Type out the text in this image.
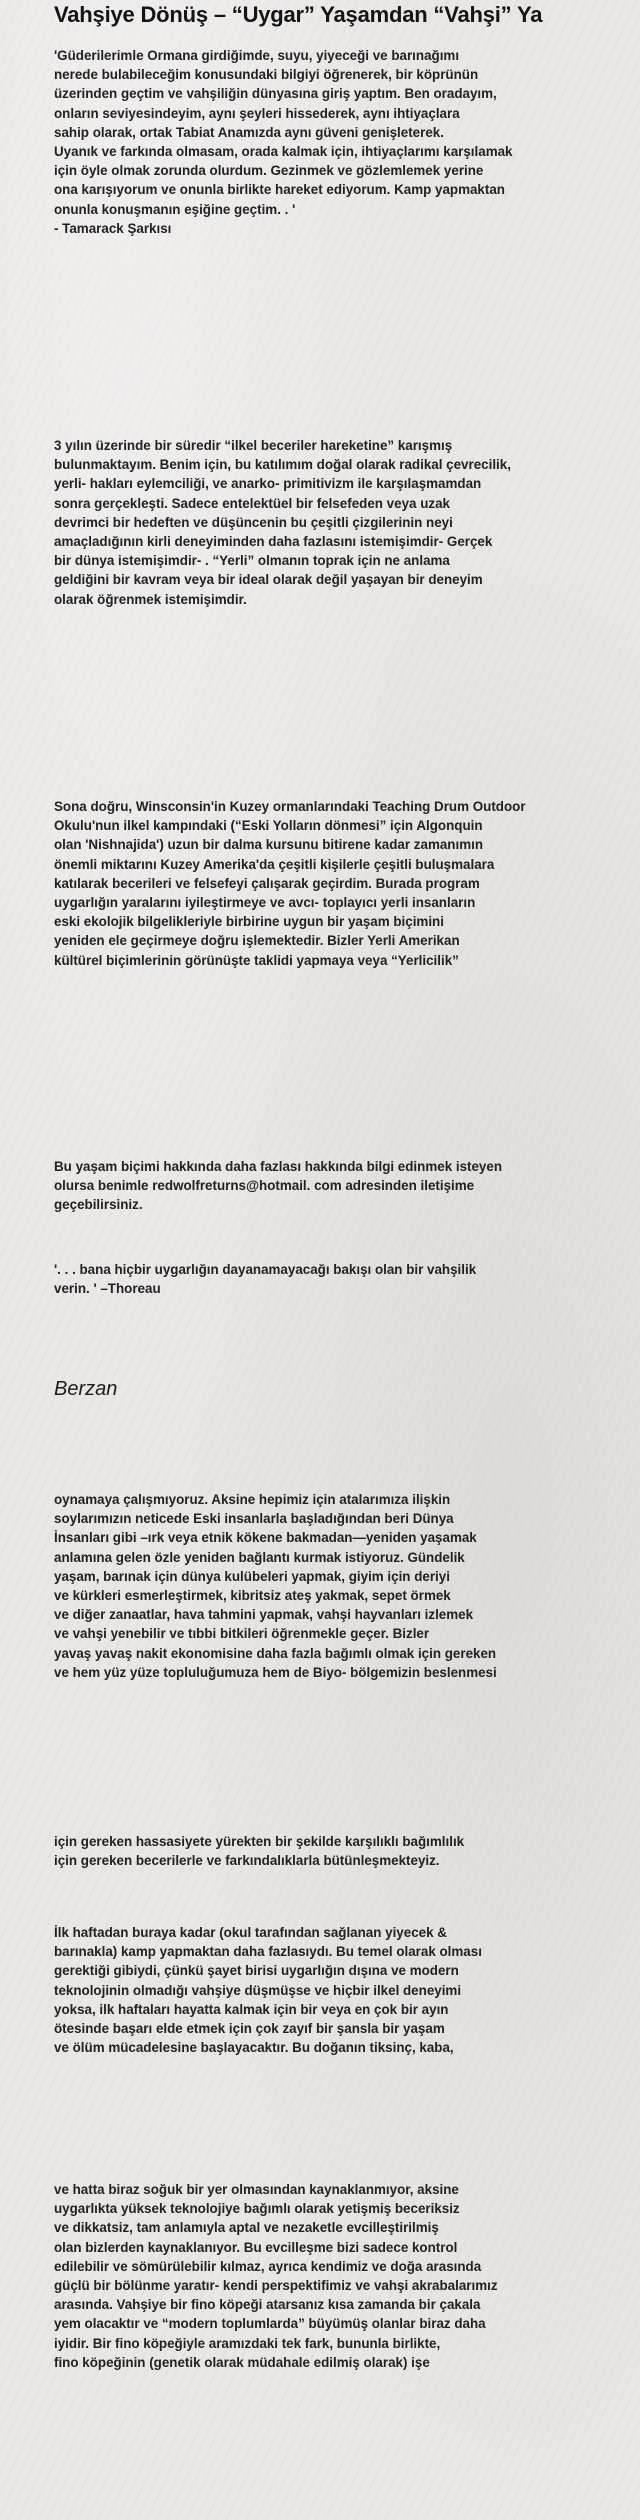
Vahşiye Dönüş – “Uygar” Yaşamdan “Vahşi” Ya
'Güderilerimle Ormana girdiğimde, suyu, yiyeceği ve barınağımı
nerede bulabileceğim konusundaki bilgiyi öğrenerek, bir köprünün
üzerinden geçtim ve vahşiliğin dünyasına giriş yaptım. Ben oradayım,
onların seviyesindeyim, aynı şeyleri hissederek, aynı ihtiyaçlara
sahip olarak, ortak Tabiat Anamızda aynı güveni genişleterek.
Uyanık ve farkında olmasam, orada kalmak için, ihtiyaçlarımı karşılamak
için öyle olmak zorunda olurdum. Gezinmek ve gözlemlemek yerine
ona karışıyorum ve onunla birlikte hareket ediyorum. Kamp yapmaktan
onunla konuşmanın eşiğine geçtim. . '
- Tamarack Şarkısı
3 yılın üzerinde bir süredir “ilkel beceriler hareketine” karışmış
bulunmaktayım. Benim için, bu katılımım doğal olarak radikal çevrecilik,
yerli- hakları eylemciliği, ve anarko- primitivizm ile karşılaşmamdan
sonra gerçekleşti. Sadece entelektüel bir felsefeden veya uzak
devrimci bir hedeften ve düşüncenin bu çeşitli çizgilerinin neyi
amaçladığının kirli deneyiminden daha fazlasını istemişimdir- Gerçek
bir dünya istemişimdir- . “Yerli” olmanın toprak için ne anlama
geldiğini bir kavram veya bir ideal olarak değil yaşayan bir deneyim
olarak öğrenmek istemişimdir.
Sona doğru, Winsconsin'in Kuzey ormanlarındaki Teaching Drum Outdoor
Okulu'nun ilkel kampındaki (“Eski Yolların dönmesi” için Algonquin
olan 'Nishnajida') uzun bir dalma kursunu bitirene kadar zamanımın
önemli miktarını Kuzey Amerika'da çeşitli kişilerle çeşitli buluşmalara
katılarak becerileri ve felsefeyi çalışarak geçirdim. Burada program
uygarlığın yaralarını iyileştirmeye ve avcı- toplayıcı yerli insanların
eski ekolojik bilgelikleriyle birbirine uygun bir yaşam biçimini
yeniden ele geçirmeye doğru işlemektedir. Bizler Yerli Amerikan
kültürel biçimlerinin görünüşte taklidi yapmaya veya “Yerlicilik”
Bu yaşam biçimi hakkında daha fazlası hakkında bilgi edinmek isteyen
olursa benimle redwolfreturns@hotmail. com adresinden iletişime
geçebilirsiniz.
'. . . bana hiçbir uygarlığın dayanamayacağı bakışı olan bir vahşilik
verin. ' –Thoreau
Berzan
oynamaya çalışmıyoruz. Aksine hepimiz için atalarımıza ilişkin
soylarımızın neticede Eski insanlarla başladığından beri Dünya
İnsanları gibi –ırk veya etnik kökene bakmadan—yeniden yaşamak
anlamına gelen özle yeniden bağlantı kurmak istiyoruz. Gündelik
yaşam, barınak için dünya kulübeleri yapmak, giyim için deriyi
ve kürkleri esmerleştirmek, kibritsiz ateş yakmak, sepet örmek
ve diğer zanaatlar, hava tahmini yapmak, vahşi hayvanları izlemek
ve vahşi yenebilir ve tıbbi bitkileri öğrenmekle geçer. Bizler
yavaş yavaş nakit ekonomisine daha fazla bağımlı olmak için gereken
ve hem yüz yüze topluluğumuza hem de Biyo- bölgemizin beslenmesi
için gereken hassasiyete yürekten bir şekilde karşılıklı bağımlılık
için gereken becerilerle ve farkındalıklarla bütünleşmekteyiz.
İlk haftadan buraya kadar (okul tarafından sağlanan yiyecek &
barınakla) kamp yapmaktan daha fazlasıydı. Bu temel olarak olması
gerektiği gibiydi, çünkü şayet birisi uygarlığın dışına ve modern
teknolojinin olmadığı vahşiye düşmüşse ve hiçbir ilkel deneyimi
yoksa, ilk haftaları hayatta kalmak için bir veya en çok bir ayın
ötesinde başarı elde etmek için çok zayıf bir şansla bir yaşam
ve ölüm mücadelesine başlayacaktır. Bu doğanın tiksinç, kaba,
ve hatta biraz soğuk bir yer olmasından kaynaklanmıyor, aksine
uygarlıkta yüksek teknolojiye bağımlı olarak yetişmiş beceriksiz
ve dikkatsiz, tam anlamıyla aptal ve nezaketle evcilleştirilmiş
olan bizlerden kaynaklanıyor. Bu evcilleşme bizi sadece kontrol
edilebilir ve sömürülebilir kılmaz, ayrıca kendimiz ve doğa arasında
güçlü bir bölünme yaratır- kendi perspektifimiz ve vahşi akrabalarımız
arasında. Vahşiye bir fino köpeği atarsanız kısa zamanda bir çakala
yem olacaktır ve “modern toplumlarda” büyümüş olanlar biraz daha
iyidir. Bir fino köpeğiyle aramızdaki tek fark, bununla birlikte,
fino köpeğinin (genetik olarak müdahale edilmiş olarak) işe
